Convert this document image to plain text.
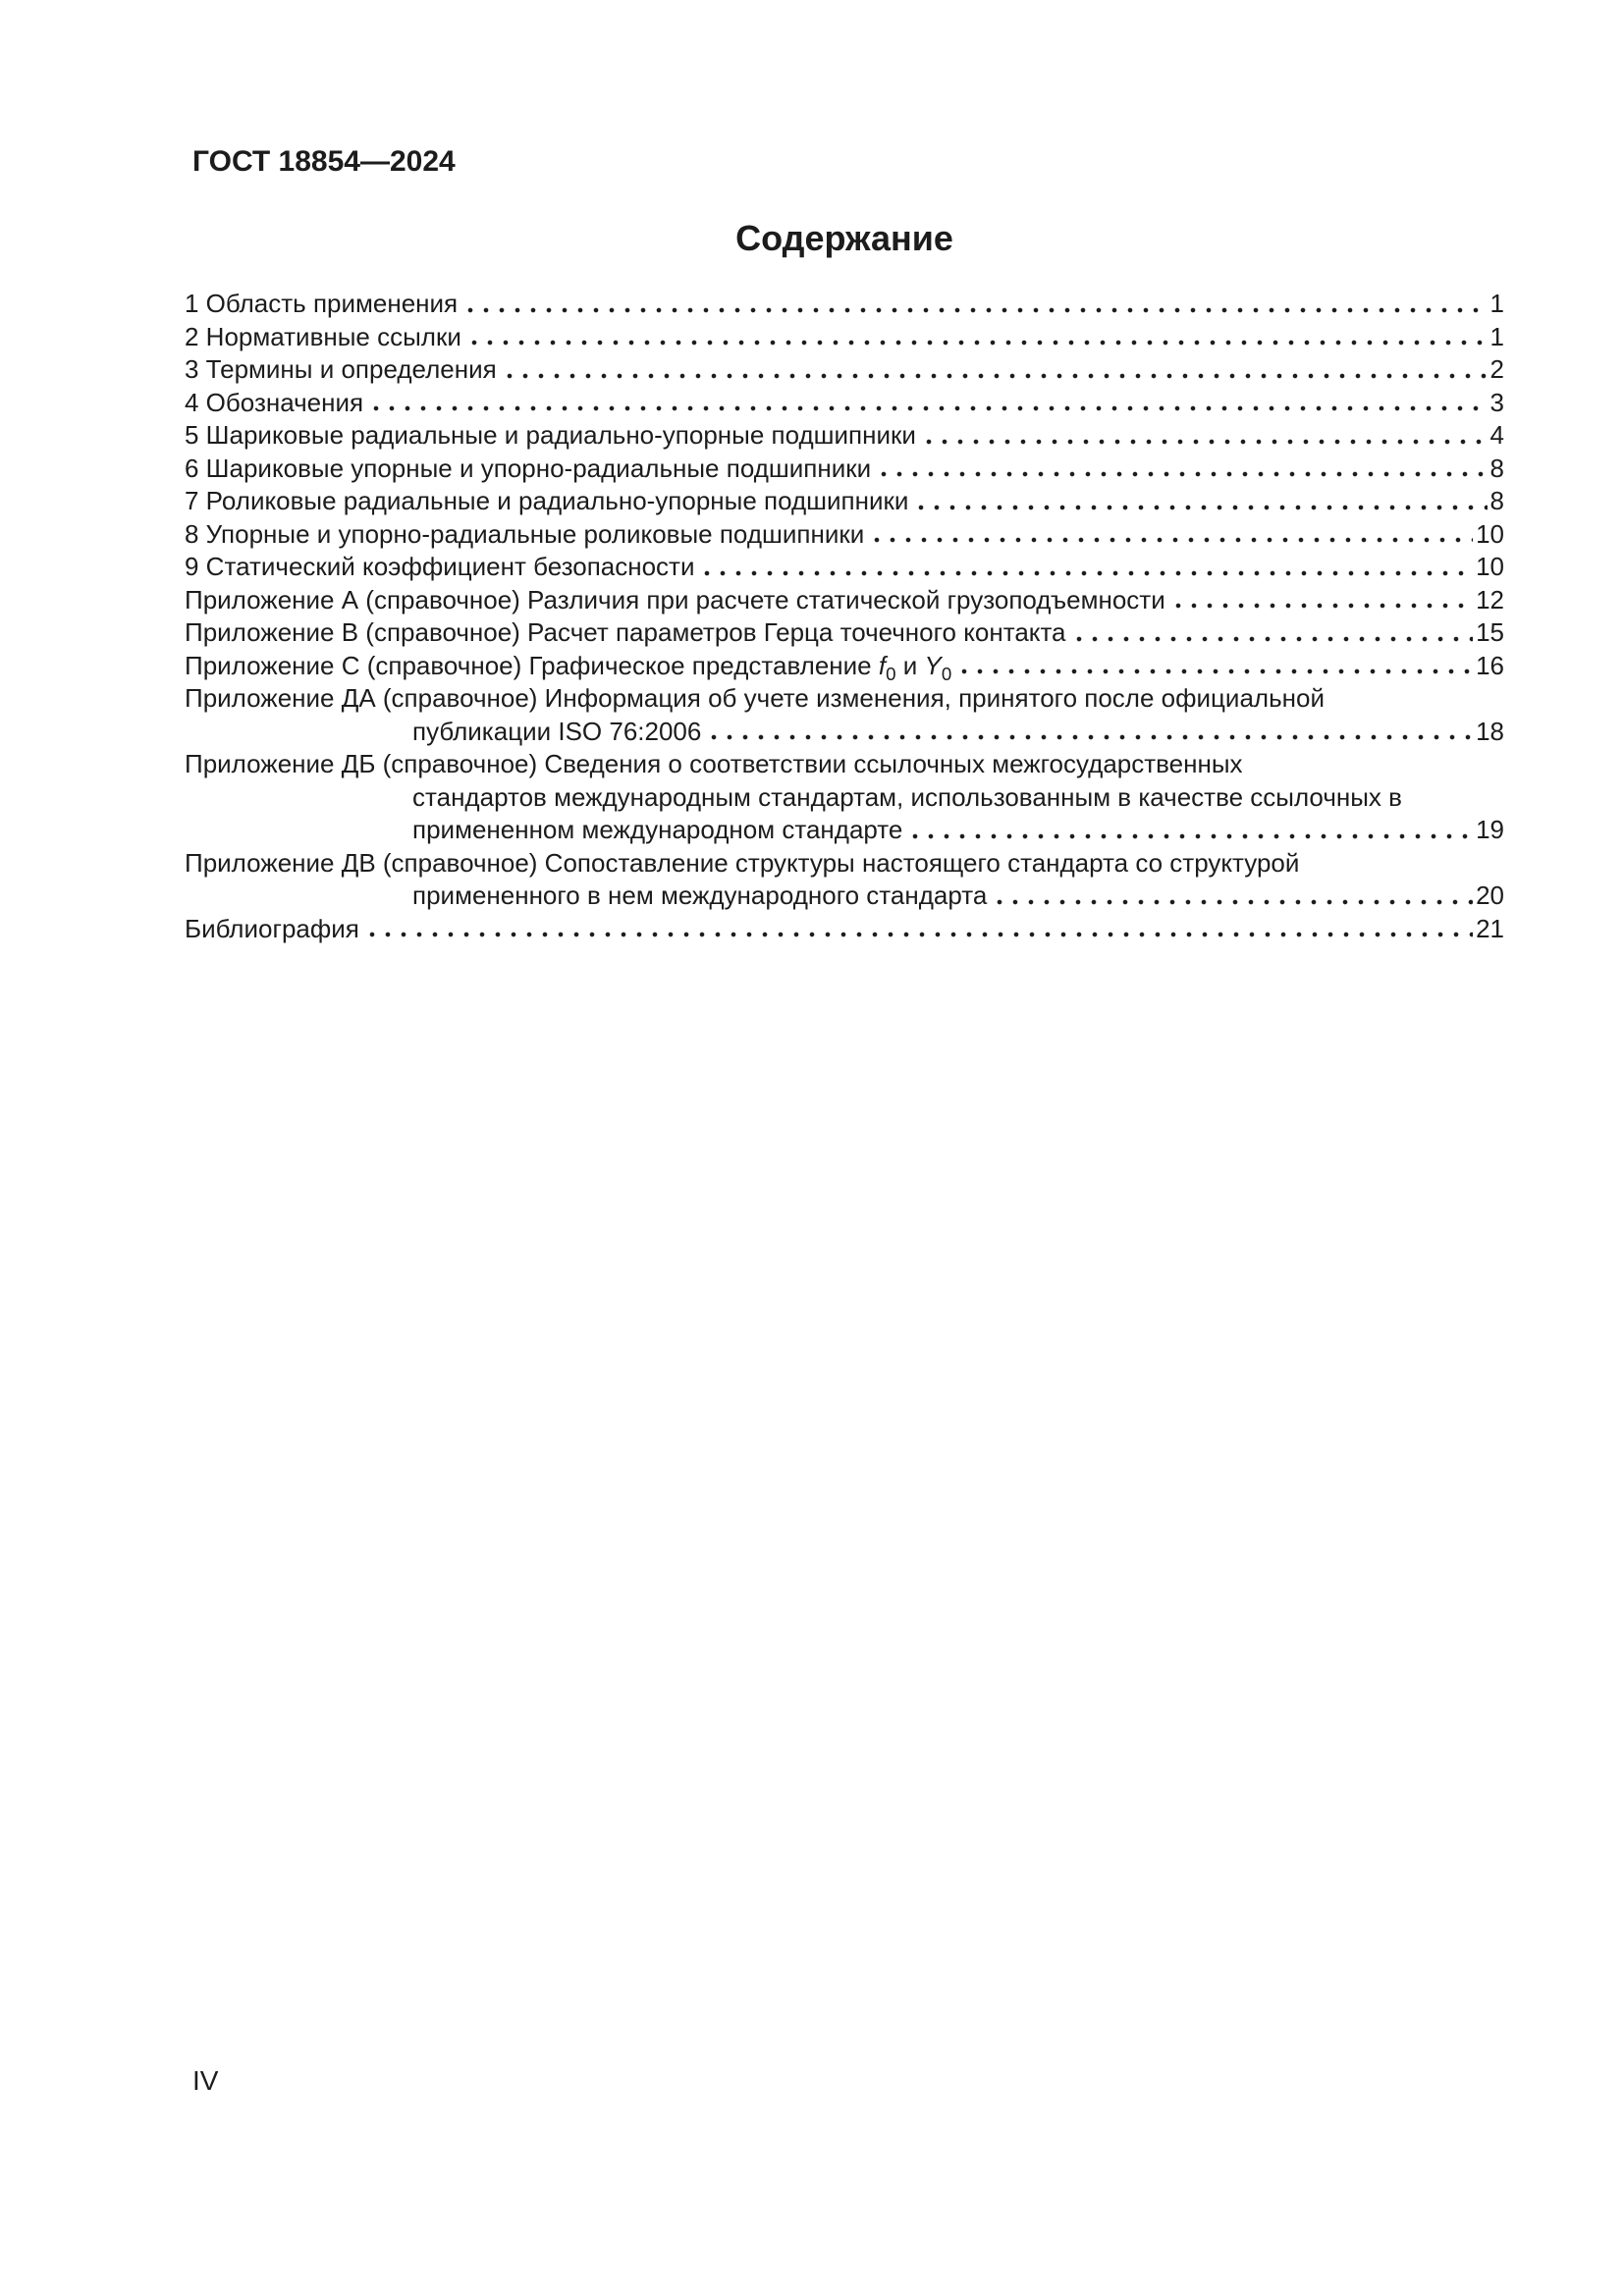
ГОСТ 18854—2024
Содержание
1 Область применения	1
2 Нормативные ссылки	1
3 Термины и определения	2
4 Обозначения	3
5 Шариковые радиальные и радиально-упорные подшипники	4
6 Шариковые упорные и упорно-радиальные подшипники	8
7 Роликовые радиальные и радиально-упорные подшипники	8
8 Упорные и упорно-радиальные роликовые подшипники	10
9 Статический коэффициент безопасности	10
Приложение А (справочное) Различия при расчете статической грузоподъемности	12
Приложение В (справочное) Расчет параметров Герца точечного контакта	15
Приложение С (справочное) Графическое представление $f_0$ и $Y_0$	16
Приложение ДА (справочное) Информация об учете изменения, принятого после официальной
публикации ISO 76:2006	18
Приложение ДБ (справочное) Сведения о соответствии ссылочных межгосударственных
стандартов международным стандартам, использованным в качестве ссылочных в
примененном международном стандарте	19
Приложение ДВ (справочное) Сопоставление структуры настоящего стандарта со структурой
примененного в нем международного стандарта	20
Библиография	21
IV
